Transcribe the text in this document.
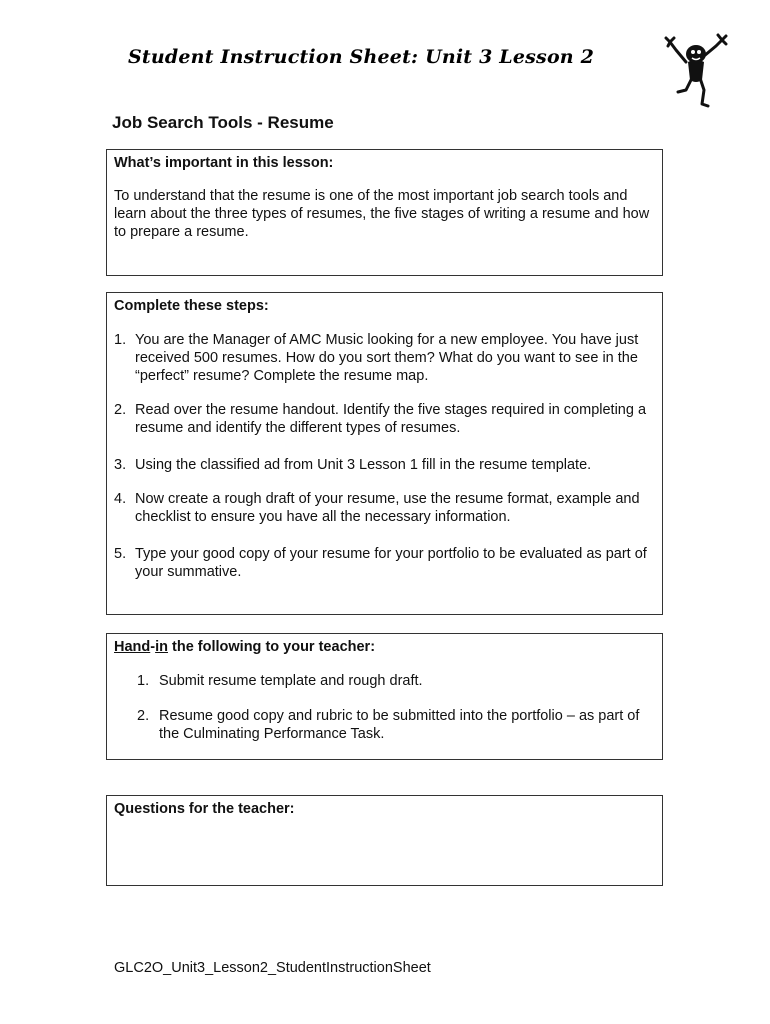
Student Instruction Sheet: Unit 3 Lesson 2
Job Search Tools - Resume
What’s important in this lesson:
To understand that the resume is one of the most important job search tools and learn about the three types of resumes, the five stages of writing a resume and how to prepare a resume.
Complete these steps:
1. You are the Manager of AMC Music looking for a new employee. You have just received 500 resumes. How do you sort them? What do you want to see in the “perfect” resume? Complete the resume map.
2. Read over the resume handout. Identify the five stages required in completing a resume and identify the different types of resumes.
3. Using the classified ad from Unit 3 Lesson 1 fill in the resume template.
4. Now create a rough draft of your resume, use the resume format, example and checklist to ensure you have all the necessary information.
5. Type your good copy of your resume for your portfolio to be evaluated as part of your summative.
Hand-in the following to your teacher:
1. Submit resume template and rough draft.
2. Resume good copy and rubric to be submitted into the portfolio – as part of the Culminating Performance Task.
Questions for the teacher:
GLC2O_Unit3_Lesson2_StudentInstructionSheet
